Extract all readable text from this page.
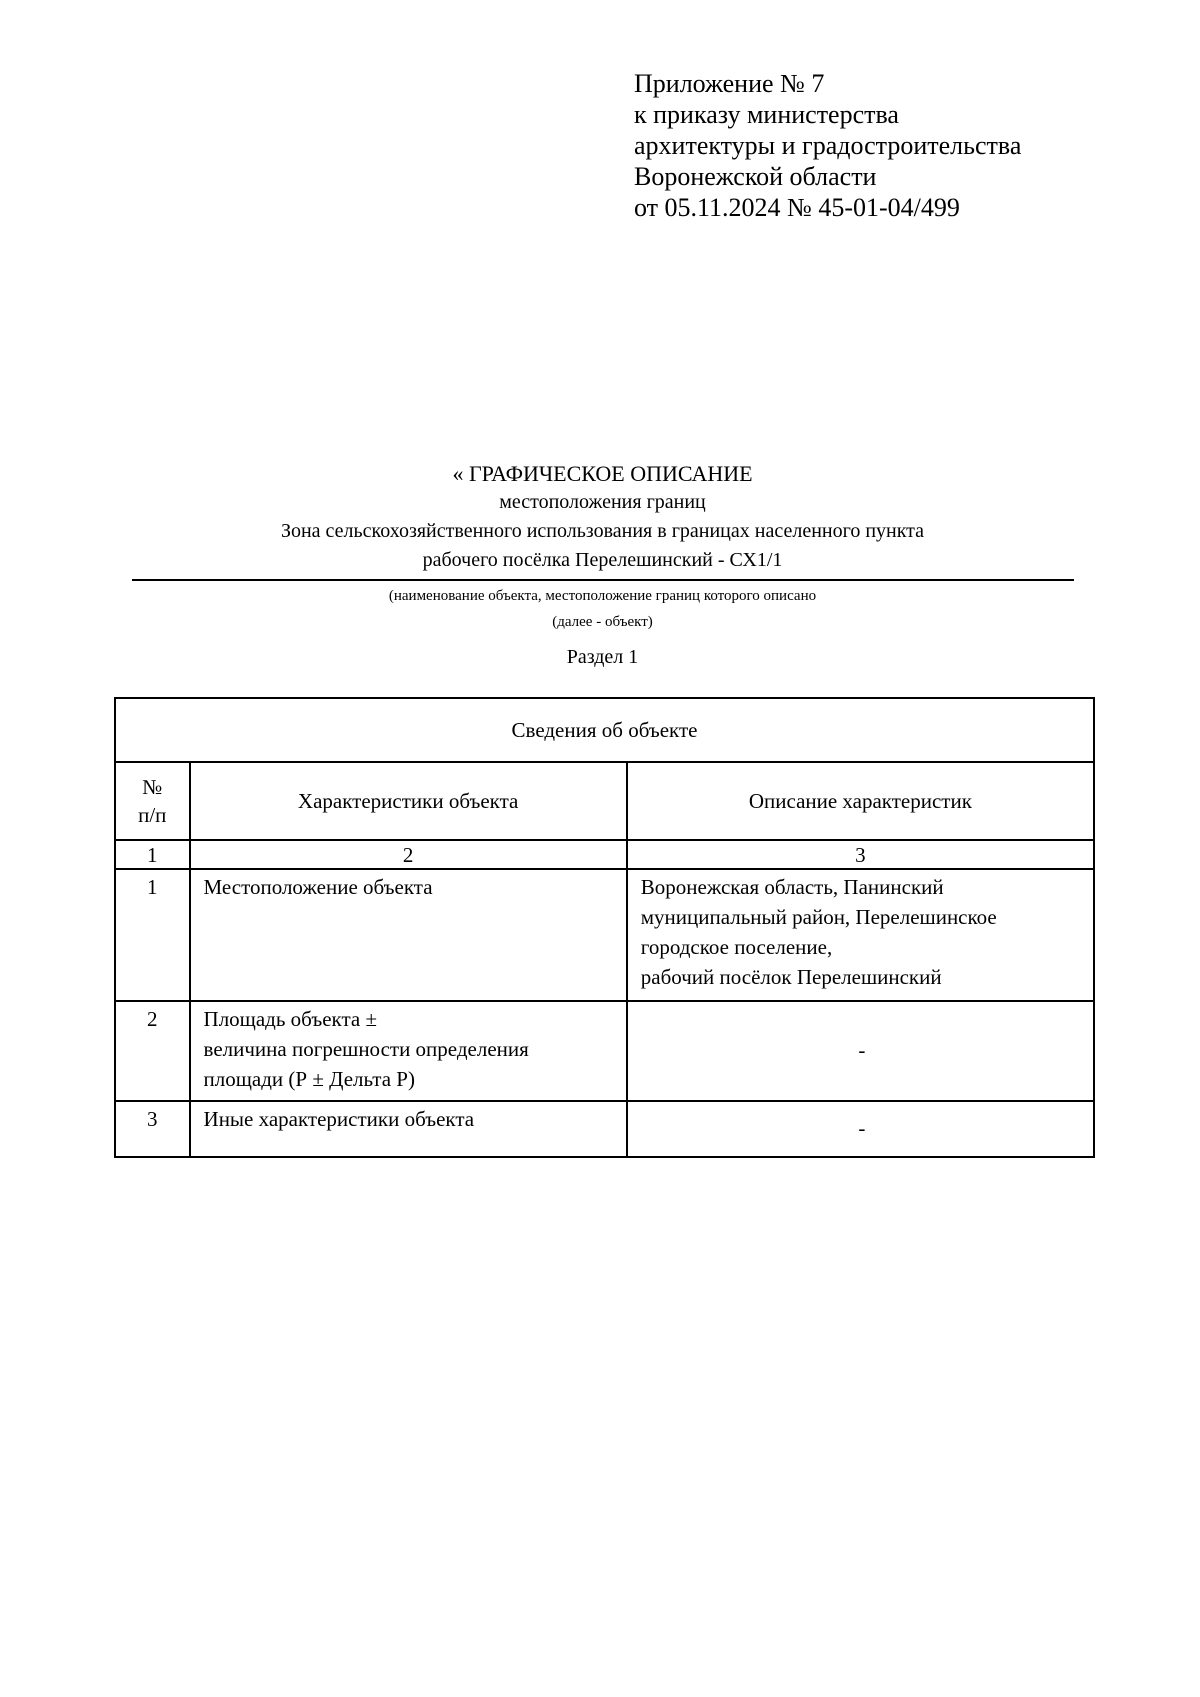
Приложение № 7
к приказу министерства
архитектуры и градостроительства
Воронежской области
от 05.11.2024 № 45-01-04/499
« ГРАФИЧЕСКОЕ ОПИСАНИЕ
местоположения границ
Зона сельскохозяйственного использования в границах населенного пункта
рабочего посёлка Перелешинский - СХ1/1
(наименование объекта, местоположение границ которого описано
(далее - объект)
Раздел 1
Сведения об объекте		

№
п/п	Характеристики объекта	Описание характеристик
1	2	3
1	Местоположение объекта	Воронежская область, Панинский
муниципальный район, Перелешинское
городское поселение,
рабочий посёлок Перелешинский

2	Площадь объекта ±
величина погрешности определения
площади (Р ± Дельта Р)	-
3	Иные характеристики объекта	-
